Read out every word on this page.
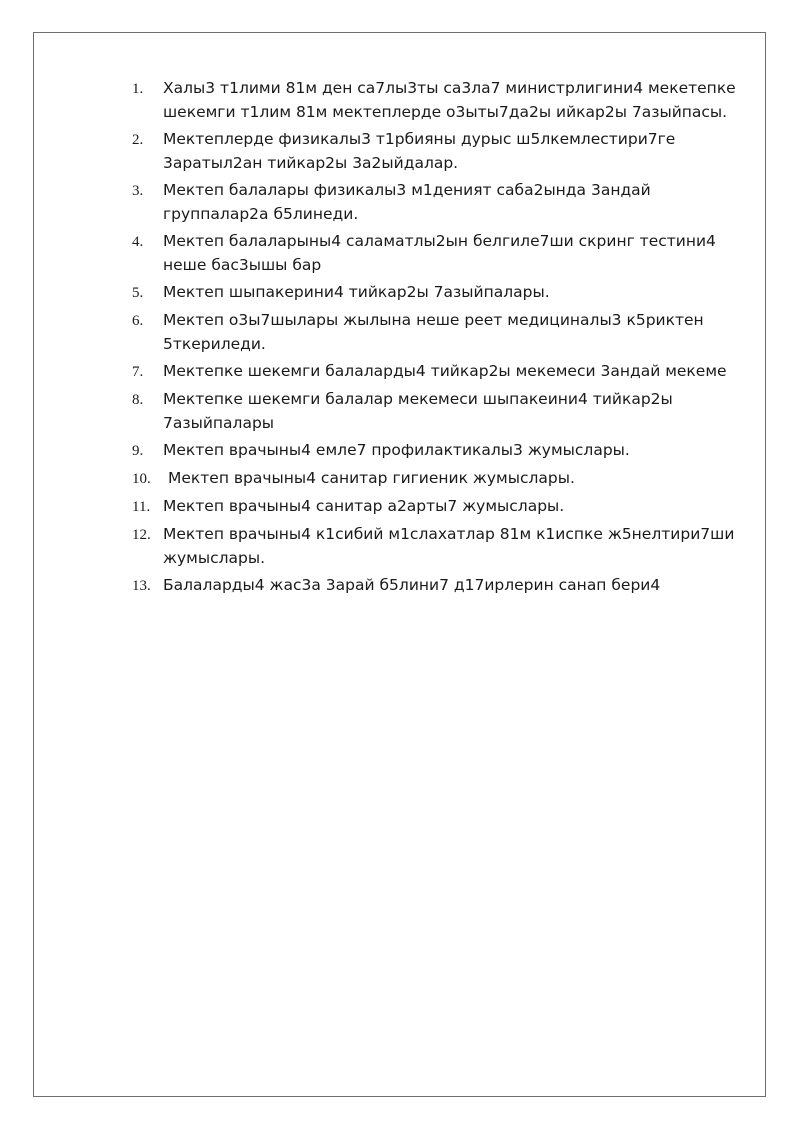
1.	Халы3 т1лими 81м ден са7лы3ты са3ла7 министрлигини4 мекетепке шекемги т1лим 81м мектеплерде о3ыты7да2ы ийкар2ы 7азыйпасы.
2.	Мектеплерде физикалы3 т1рбияны дурыс ш5лкемлестири7ге 3аратыл2ан тийкар2ы 3а2ыйдалар.
3.	Мектеп балалары физикалы3 м1дeният саба2ында 3андай группалар2а б5линеди.
4.	Мектеп балаларыны4 саламатлы2ын белгиле7ши скринг тестини4 неше бас3ышы бар
5.	Мектеп шыпакерини4 тийкар2ы 7азыйпалары.
6.	Мектеп о3ы7шылары жылына неше реет медициналы3 к5риктен 5ткериледи.
7.	Мектепке шекемги балаларды4 тийкар2ы мекемеси 3андай мекеме
8.	Мектепке шекемги балалар мекемеси шыпакеини4 тийкар2ы 7азыйпалары
9.	Мектеп врачыны4 емле7 профилактикалы3 жумыслары.
10.	Мектеп врачыны4 санитар гигиеник жумыслары.
11. Мектеп врачыны4 санитар а2арты7 жумыслары.
12. Мектеп врачыны4 к1сибий м1слахатлар 81м к1испке ж5нелтири7ши жумыслары.
13. Балаларды4 жас3а 3арай б5лини7 д17ирлерин санап бери4
